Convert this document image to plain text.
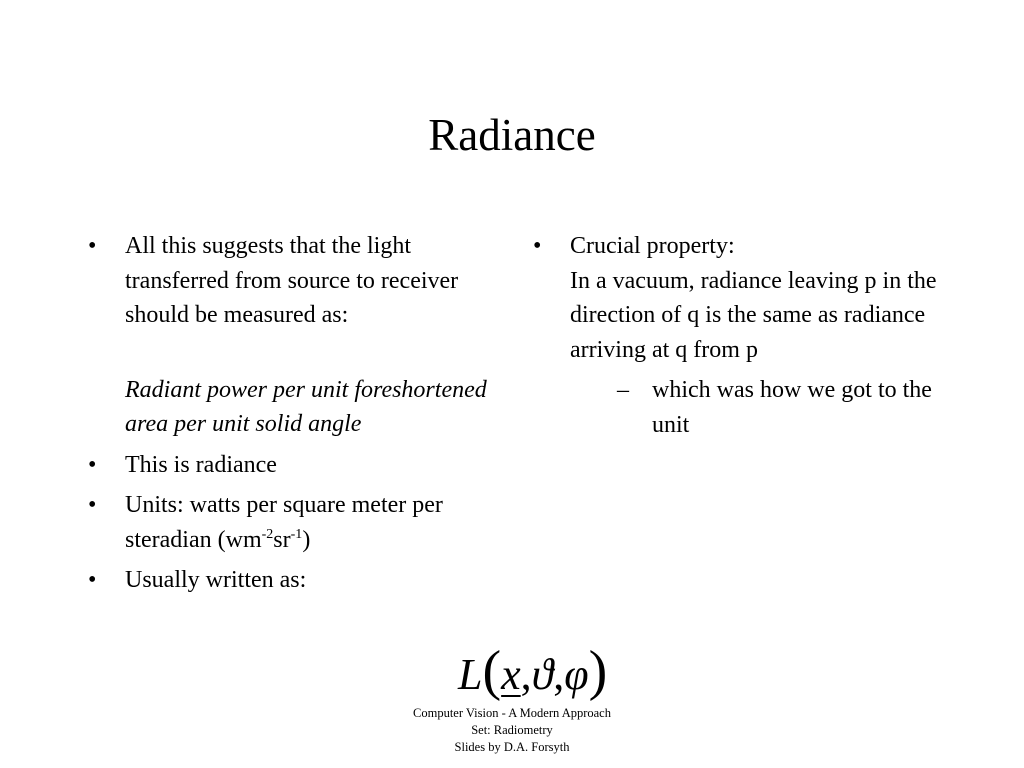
Radiance
• All this suggests that the light transferred from source to receiver should be measured as:
Radiant power per unit foreshortened area per unit solid angle
• This is radiance
• Units: watts per square meter per steradian $(wm^{-2}sr^{-1})$
• Usually written as:
• Crucial property:
In a vacuum, radiance leaving p in the direction of q is the same as radiance arriving at q from p
– which was how we got to the unit
L(x,ϑ,φ)
Computer Vision - A Modern Approach
Set: Radiometry
Slides by D.A. Forsyth
